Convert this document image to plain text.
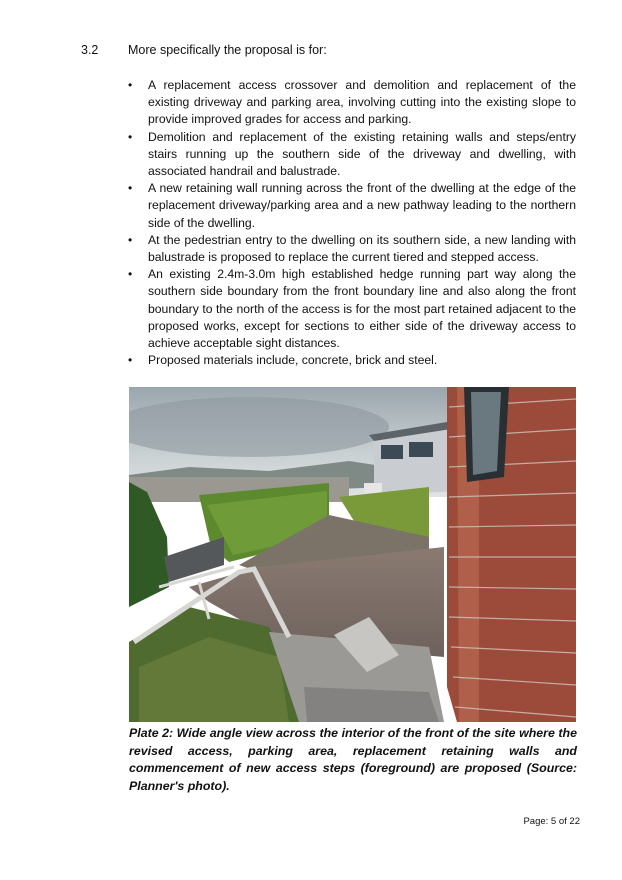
3.2 More specifically the proposal is for:
• A replacement access crossover and demolition and replacement of the existing driveway and parking area, involving cutting into the existing slope to provide improved grades for access and parking.
• Demolition and replacement of the existing retaining walls and steps/entry stairs running up the southern side of the driveway and dwelling, with associated handrail and balustrade.
• A new retaining wall running across the front of the dwelling at the edge of the replacement driveway/parking area and a new pathway leading to the northern side of the dwelling.
• At the pedestrian entry to the dwelling on its southern side, a new landing with balustrade is proposed to replace the current tiered and stepped access.
• An existing 2.4m-3.0m high established hedge running part way along the southern side boundary from the front boundary line and also along the front boundary to the north of the access is for the most part retained adjacent to the proposed works, except for sections to either side of the driveway access to achieve acceptable sight distances.
• Proposed materials include, concrete, brick and steel.
Plate 2: Wide angle view across the interior of the front of the site where the revised access, parking area, replacement retaining walls and commencement of new access steps (foreground) are proposed (Source: Planner's photo).
Page: 5 of 22
